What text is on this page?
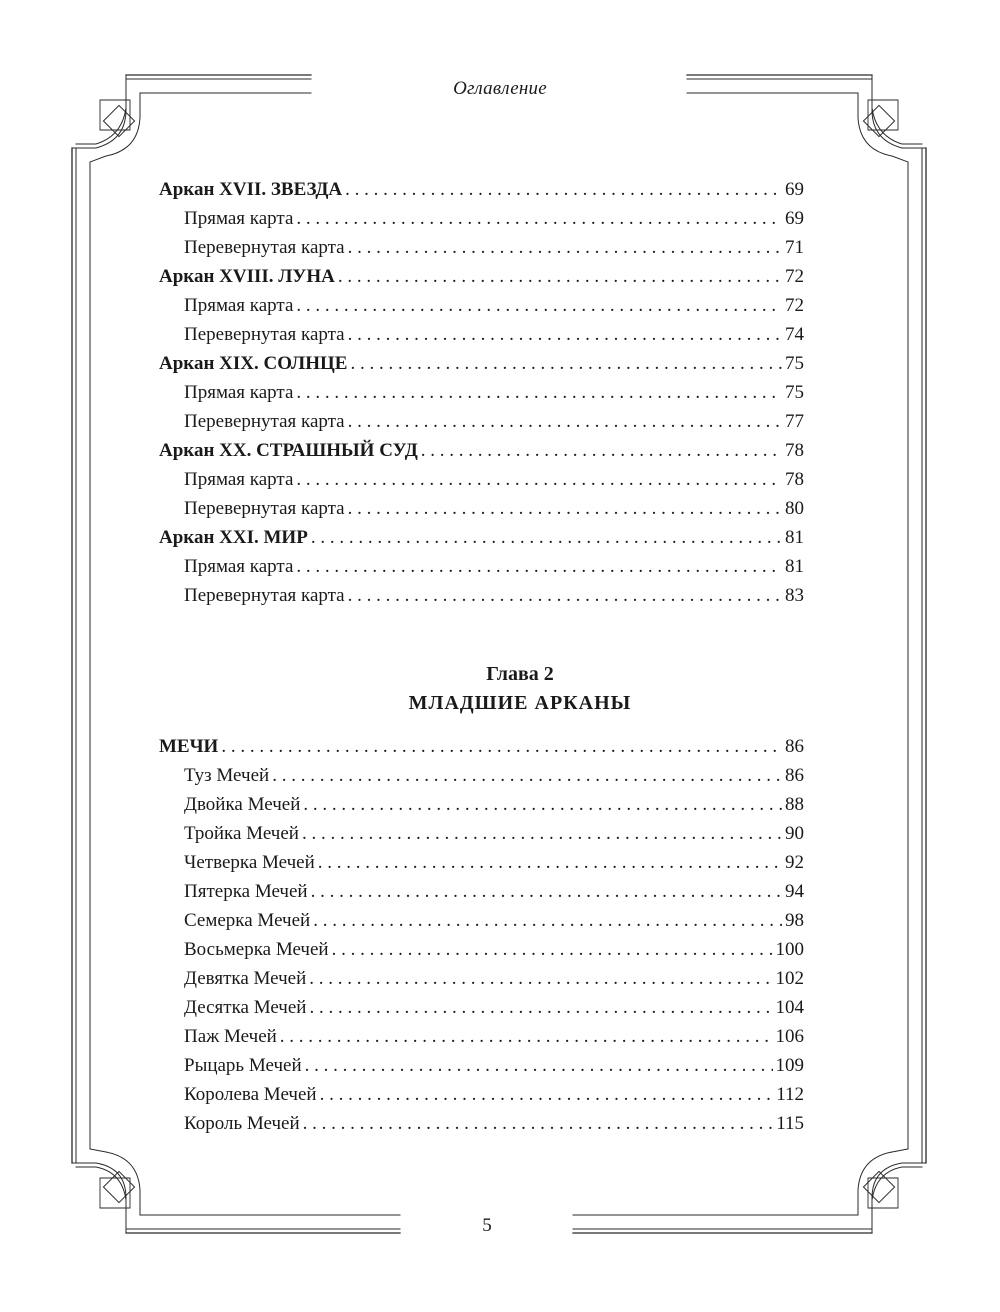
Оглавление
Аркан XVII. ЗВЕЗДА . . .	69
Прямая карта . . .	69
Перевернутая карта . . .	71
Аркан XVIII. ЛУНА . . .	72
Прямая карта . . .	72
Перевернутая карта . . .	74
Аркан XIX. СОЛНЦЕ . . .	75
Прямая карта . . .	75
Перевернутая карта . . .	77
Аркан XX. СТРАШНЫЙ СУД . . .	78
Прямая карта . . .	78
Перевернутая карта . . .	80
Аркан XXI. МИР . . .	81
Прямая карта . . .	81
Перевернутая карта . . .	83
Глава 2
МЛАДШИЕ АРКАНЫ
МЕЧИ . . .	86
Туз Мечей . . .	86
Двойка Мечей . . .	88
Тройка Мечей . . .	90
Четверка Мечей . . .	92
Пятерка Мечей . . .	94
Семерка Мечей . . .	98
Восьмерка Мечей . . .	100
Девятка Мечей . . .	102
Десятка Мечей . . .	104
Паж Мечей . . .	106
Рыцарь Мечей . . .	109
Королева Мечей . . .	112
Король Мечей . . .	115
5
